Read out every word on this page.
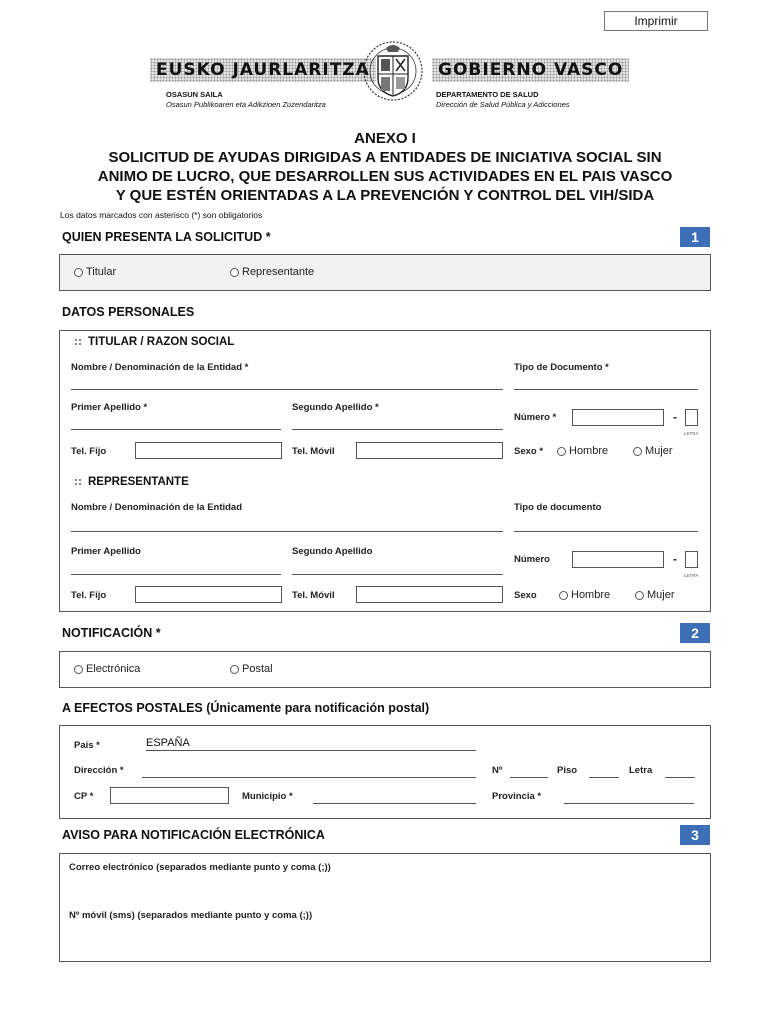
Imprimir
EUSKO JAURLARITZA	GOBIERNO VASCO
OSASUN SAILA
Osasun Publikoaren eta Adikzioen Zuzendaritza
DEPARTAMENTO DE SALUD
Dirección de Salud Pública y Adicciones
ANEXO I
SOLICITUD DE AYUDAS DIRIGIDAS A ENTIDADES DE INICIATIVA SOCIAL SIN
ANIMO DE LUCRO, QUE DESARROLLEN SUS ACTIVIDADES EN EL PAIS VASCO
Y QUE ESTÉN ORIENTADAS A LA PREVENCIÓN Y CONTROL DEL VIH/SIDA
Los datos marcados con asterisco (*) son obligatorios
QUIEN PRESENTA LA SOLICITUD *	1
Titular	Representante
DATOS PERSONALES
TITULAR / RAZON SOCIAL
Nombre / Denominación de la Entidad *	Tipo de Documento *
Primer Apellido *	Segundo Apellido *
Número *	-
LETRA
Tel. Fijo	Tel. Móvil	Sexo * Hombre	Mujer
REPRESENTANTE
Nombre / Denominación de la Entidad	Tipo de documento
Primer Apellido	Segundo Apellido
Número	-
LETRA
Tel. Fijo	Tel. Móvil	Sexo	Hombre	Mujer
NOTIFICACIÓN *	2
Electrónica	Postal
A EFECTOS POSTALES (Únicamente para notificación postal)
País *	ESPAÑA
Dirección *	Nº	Piso	Letra
CP *	Municipio *	Provincia *
AVISO PARA NOTIFICACIÓN ELECTRÓNICA	3
Correo electrónico (separados mediante punto y coma (;))
Nº móvil (sms) (separados mediante punto y coma (;))
